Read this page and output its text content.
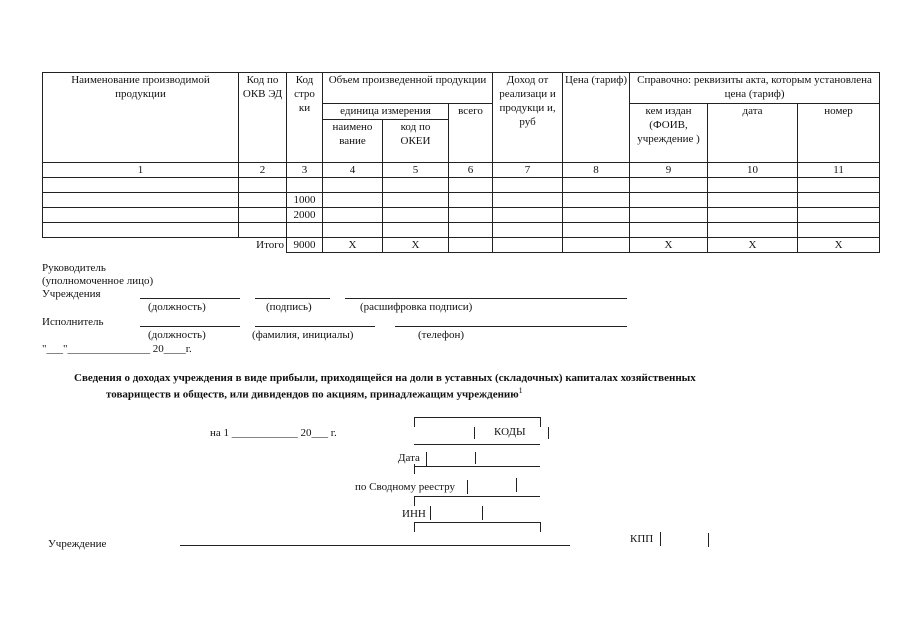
Наименование производимой продукции	Код по ОКВ ЭД	Код стро ки	Объем произведенной продукции			Доход от реализаци и продукци и, руб	Цена (тариф)	Справочно: реквизиты акта, которым установлена цена (тариф)		
			единица измерения		всего			кем издан (ФОИВ, учреждение )	дата	номер
			наимено вание	код по ОКЕИ						
1	2	3	4	5	6	7	8	9	10	11

		1000								
		2000								

Итого		9000	X	X				X	X	X
Руководитель
(уполномоченное лицо)
Учреждения
(должность)	(подпись)	(расшифровка подписи)
Исполнитель
(должность)	(фамилия, инициалы)	(телефон)
"___"_______________ 20____г.
Сведения о доходах учреждения в виде прибыли, приходящейся на доли в уставных (складочных) капиталах хозяйственных
товариществ и обществ, или дивидендов по акциям, принадлежащим учреждению$^1$
на 1 ____________ 20___ г.	КОДЫ
Дата
по Сводному реестру
ИНН
Учреждение	КПП
